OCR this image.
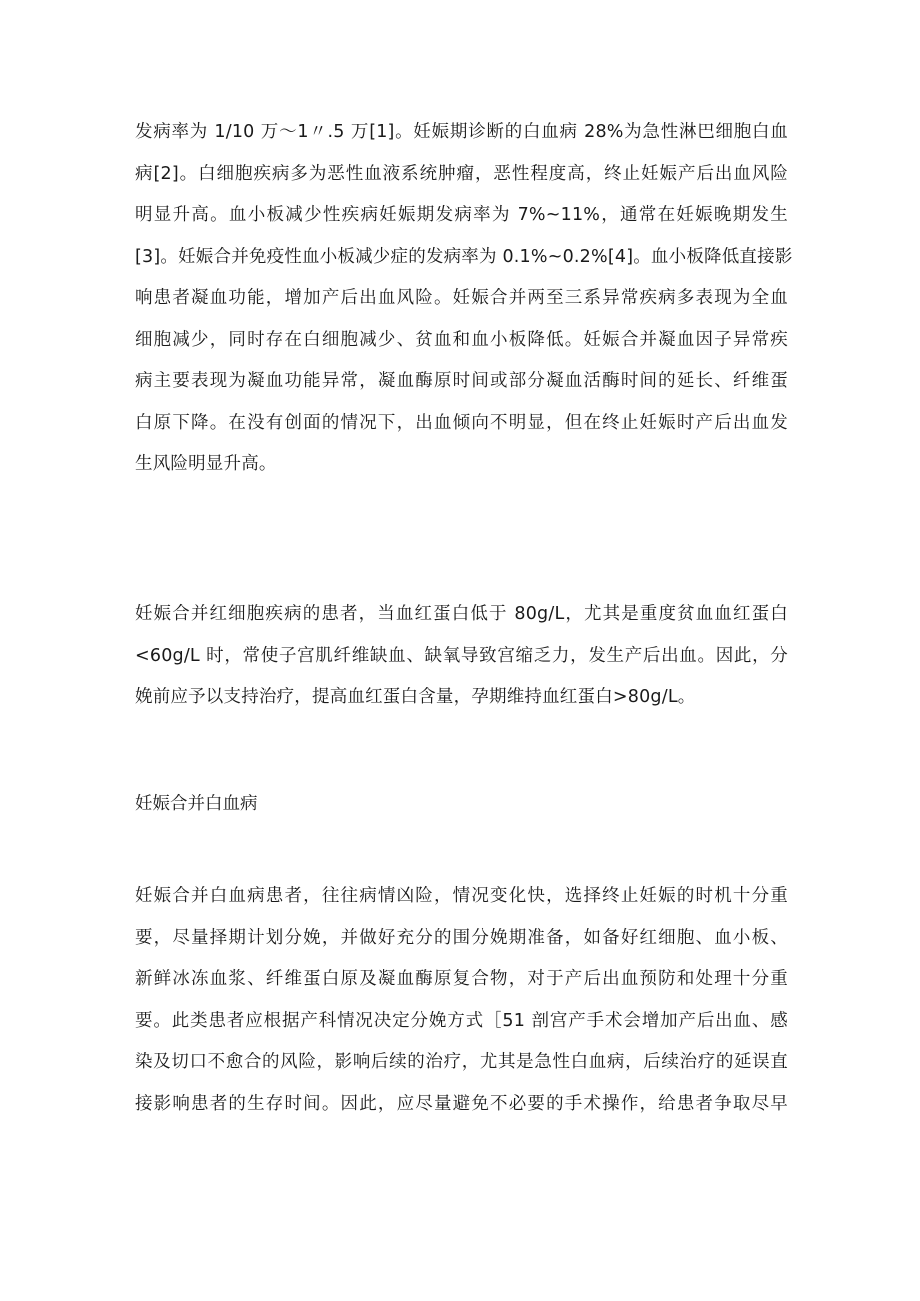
发病率为 1/10 万～1〃.5 万[1]。妊娠期诊断的白血病 28%为急性淋巴细胞白血
病[2]。白细胞疾病多为恶性血液系统肿瘤，恶性程度高，终止妊娠产后出血风险
明显升高。血小板减少性疾病妊娠期发病率为 7%~11%，通常在妊娠晚期发生
[3]。妊娠合并免疫性血小板减少症的发病率为 0.1%~0.2%[4]。血小板降低直接影
响患者凝血功能，增加产后出血风险。妊娠合并两至三系异常疾病多表现为全血
细胞减少，同时存在白细胞减少、贫血和血小板降低。妊娠合并凝血因子异常疾
病主要表现为凝血功能异常，凝血酶原时间或部分凝血活酶时间的延长、纤维蛋
白原下降。在没有创面的情况下，出血倾向不明显，但在终止妊娠时产后出血发
生风险明显升高。

妊娠合并红细胞疾病的患者，当血红蛋白低于 80g/L，尤其是重度贫血血红蛋白
<60g/L 时，常使子宫肌纤维缺血、缺氧导致宫缩乏力，发生产后出血。因此，分
娩前应予以支持治疗，提高血红蛋白含量，孕期维持血红蛋白>80g/L。

妊娠合并白血病

妊娠合并白血病患者，往往病情凶险，情况变化快，选择终止妊娠的时机十分重
要，尽量择期计划分娩，并做好充分的围分娩期准备，如备好红细胞、血小板、
新鲜冰冻血浆、纤维蛋白原及凝血酶原复合物，对于产后出血预防和处理十分重
要。此类患者应根据产科情况决定分娩方式［51 剖宫产手术会增加产后出血、感
染及切口不愈合的风险，影响后续的治疗，尤其是急性白血病，后续治疗的延误直
接影响患者的生存时间。因此，应尽量避免不必要的手术操作，给患者争取尽早
